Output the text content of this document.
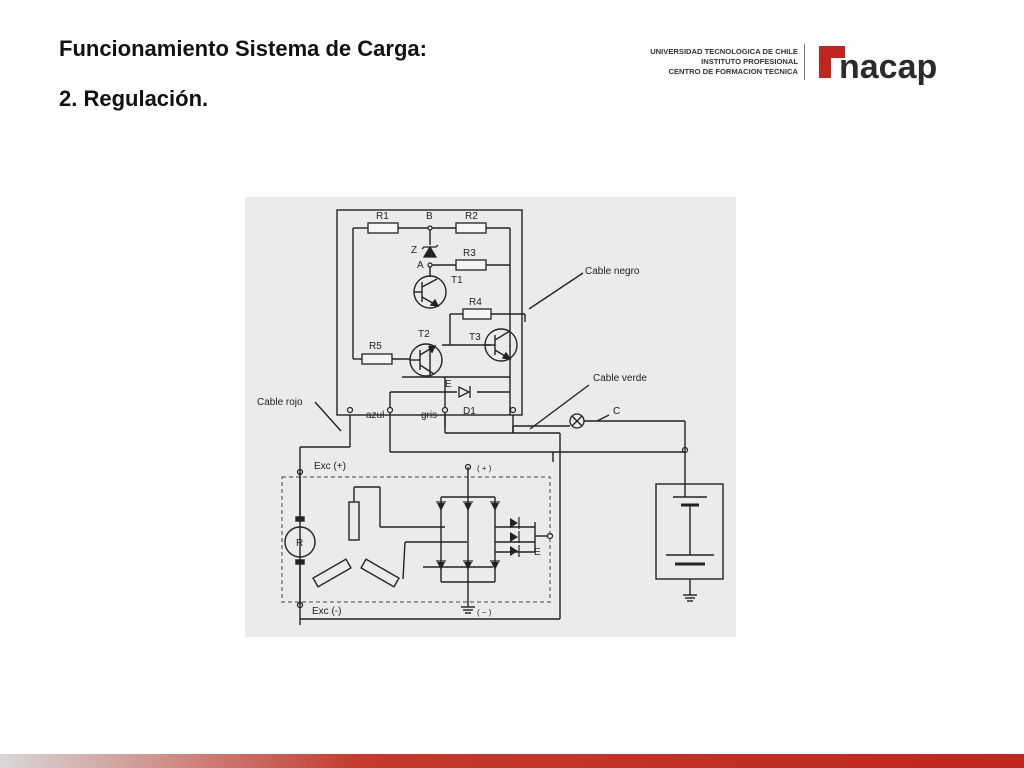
Funcionamiento Sistema de Carga:
2. Regulación.
UNIVERSIDAD TECNOLOGICA DE CHILE
INSTITUTO PROFESIONAL
CENTRO DE FORMACION TECNICA nacap
R1	B	R2
Z	R3
A
T1
R4
Cable negro
T2	T3
R5
E
Cable verde
Cable rojo
azul	gris	D1	C
Exc (+)	( + )
R
E
Exc (-)	( − )
